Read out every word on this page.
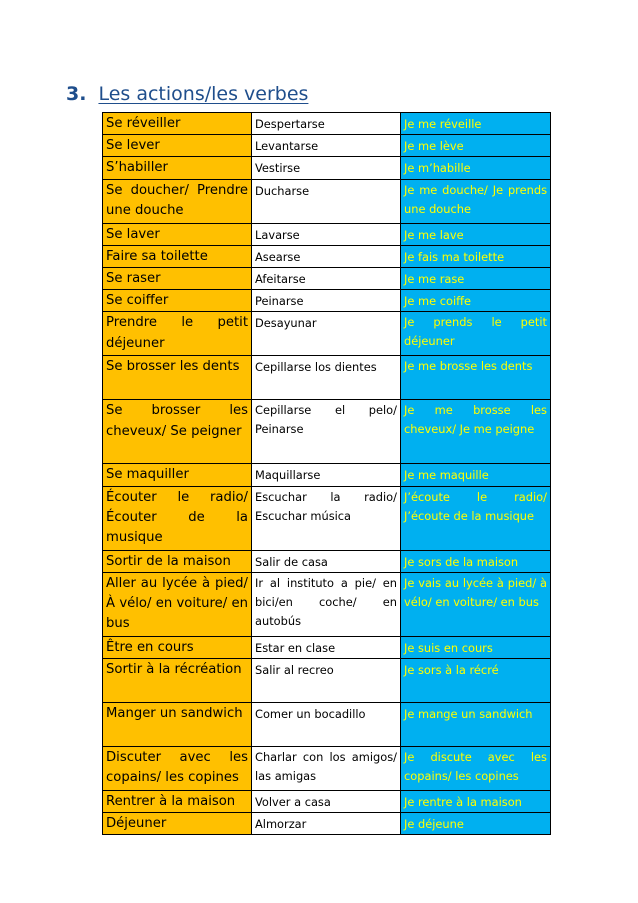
3. Les actions/les verbes
Se réveiller	Despertarse	Je me réveille
Se lever	Levantarse	Je me lève
S’habiller	Vestirse	Je m’habille
Se doucher/ Prendre une douche	Ducharse	Je me douche/ Je prends une douche
Se laver	Lavarse	Je me lave
Faire sa toilette	Asearse	Je fais ma toilette
Se raser	Afeitarse	Je me rase
Se coiffer	Peinarse	Je me coiffe
Prendre le petit déjeuner	Desayunar	Je prends le petit déjeuner
Se brosser les dents	Cepillarse los dientes	Je me brosse les dents
Se brosser les cheveux/ Se peigner	Cepillarse el pelo/ Peinarse	Je me brosse les cheveux/ Je me peigne
Se maquiller	Maquillarse	Je me maquille
Écouter le radio/ Écouter de la musique	Escuchar la radio/ Escuchar música	J’écoute le radio/ J’écoute de la musique
Sortir de la maison	Salir de casa	Je sors de la maison
Aller au lycée à pied/ À vélo/ en voiture/ en bus	Ir al instituto a pie/ en bici/en coche/ en autobús	Je vais au lycée à pied/ à vélo/ en voiture/ en bus
Être en cours	Estar en clase	Je suis en cours
Sortir à la récréation	Salir al recreo	Je sors à la récré
Manger un sandwich	Comer un bocadillo	Je mange un sandwich
Discuter avec les copains/ les copines	Charlar con los amigos/ las amigas	Je discute avec les copains/ les copines
Rentrer à la maison	Volver a casa	Je rentre à la maison
Déjeuner	Almorzar	Je déjeune
